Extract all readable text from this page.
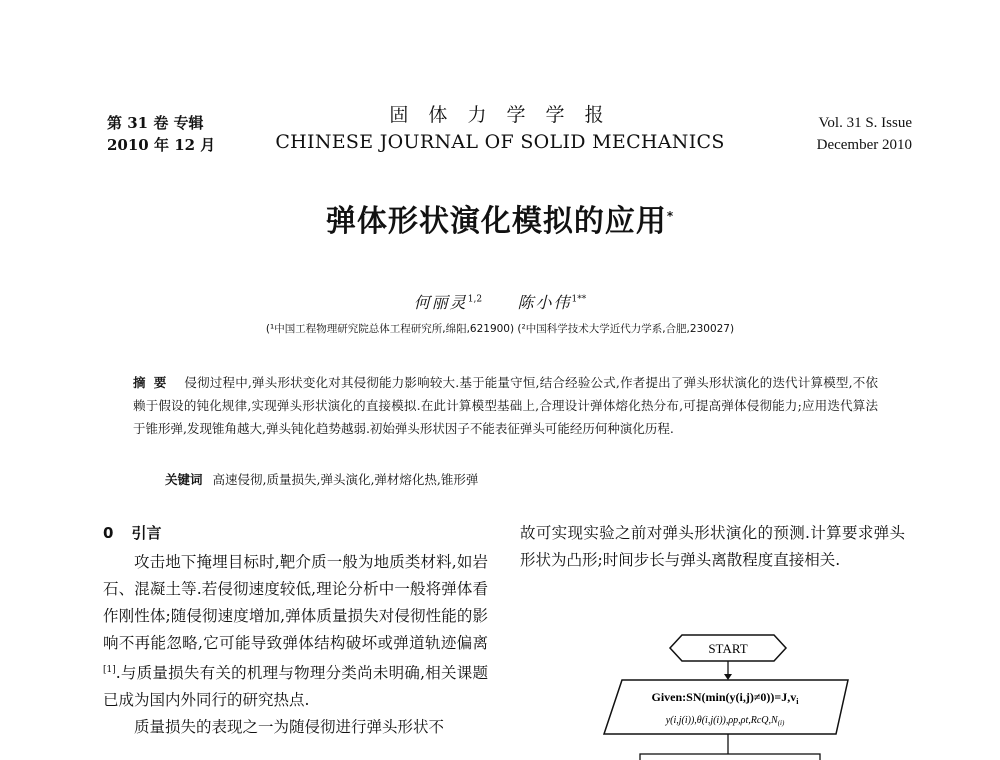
第 31 卷 专辑
2010 年 12 月
固 体 力 学 学 报
CHINESE JOURNAL OF SOLID MECHANICS
Vol. 31 S. Issue
December 2010
弹体形状演化模拟的应用*
何丽灵$^{1,2}$ 陈小伟$^{1**}$
(¹中国工程物理研究院总体工程研究所,绵阳,621900) (²中国科学技术大学近代力学系,合肥,230027)
摘要 侵彻过程中,弹头形状变化对其侵彻能力影响较大.基于能量守恒,结合经验公式,作者提出了弹头形状演化的迭代计算模型,不依赖于假设的钝化规律,实现弹头形状演化的直接模拟.在此计算模型基础上,合理设计弹体熔化热分布,可提高弹体侵彻能力;应用迭代算法于锥形弹,发现锥角越大,弹头钝化趋势越弱.初始弹头形状因子不能表征弹头可能经历何种演化历程.
关键词 高速侵彻,质量损失,弹头演化,弹材熔化热,锥形弹
0 引言

攻击地下掩埋目标时,靶介质一般为地质类材料,如岩石、混凝土等.若侵彻速度较低,理论分析中一般将弹体看作刚性体;随侵彻速度增加,弹体质量损失对侵彻性能的影响不再能忽略,它可能导致弹体结构破坏或弹道轨迹偏离[1].与质量损失有关的机理与物理分类尚未明确,相关课题已成为国内外同行的研究热点.

质量损失的表现之一为随侵彻进行弹头形状不

故可实现实验之前对弹头形状演化的预测.计算要求弹头形状为凸形;时间步长与弹头离散程度直接相关.

START
$Given:SN(\min(y(i,j)\ne 0))=J,v_i$
$y(i,j(i)),\theta(i,j(i)),\rho p,\rho t,RcQ,N_{(i)}$
